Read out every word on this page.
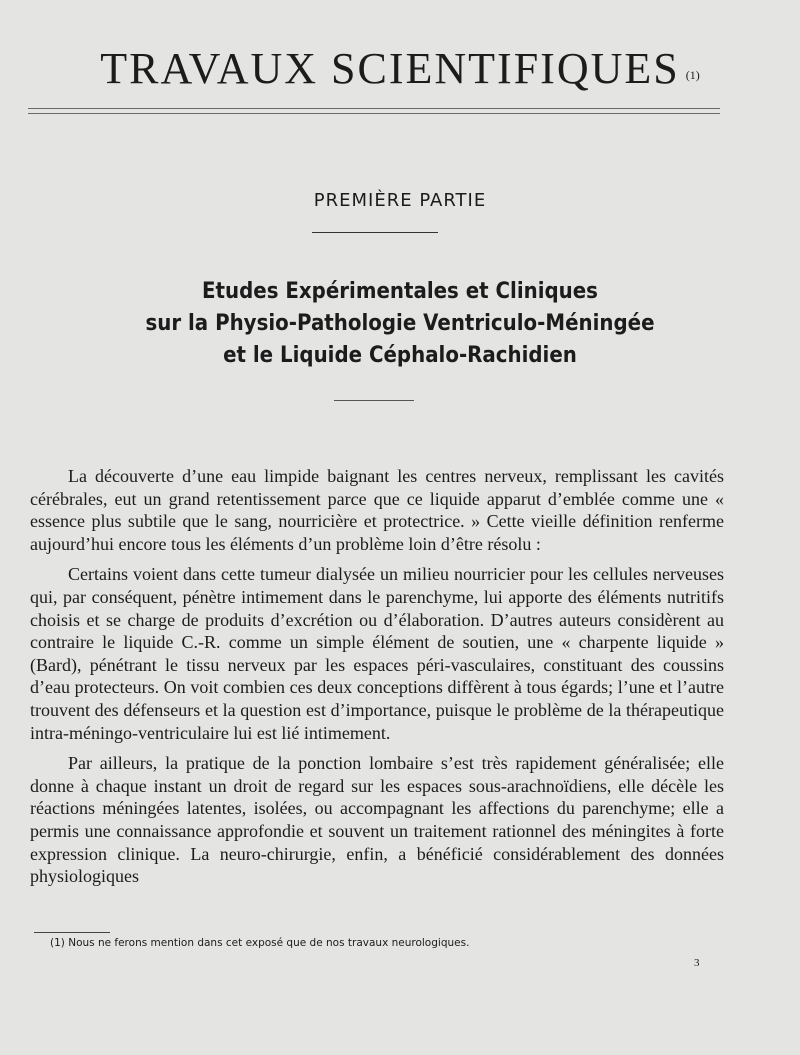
TRAVAUX SCIENTIFIQUES $^{(1)}$
PREMIÈRE PARTIE
Etudes Expérimentales et Cliniques
sur la Physio-Pathologie Ventriculo-Méningée
et le Liquide Céphalo-Rachidien

La découverte d’une eau limpide baignant les centres nerveux, remplissant les cavités cérébrales, eut un grand retentissement parce que ce liquide apparut d’emblée comme une « essence plus subtile que le sang, nourricière et protectrice. » Cette vieille définition renferme aujourd’hui encore tous les éléments d’un problème loin d’être résolu :

Certains voient dans cette tumeur dialysée un milieu nourricier pour les cellules nerveuses qui, par conséquent, pénètre intimement dans le parenchyme, lui apporte des éléments nutritifs choisis et se charge de produits d’excrétion ou d’élaboration. D’autres auteurs considèrent au contraire le liquide C.-R. comme un simple élément de soutien, une « charpente liquide » (Bard), pénétrant le tissu nerveux par les espaces péri-vasculaires, constituant des coussins d’eau protecteurs. On voit combien ces deux conceptions diffèrent à tous égards; l’une et l’autre trouvent des défenseurs et la question est d’importance, puisque le problème de la thérapeutique intra-méningo-ventriculaire lui est lié intimement.

Par ailleurs, la pratique de la ponction lombaire s’est très rapidement généralisée; elle donne à chaque instant un droit de regard sur les espaces sous-arachnoïdiens, elle décèle les réactions méningées latentes, isolées, ou accompagnant les affections du parenchyme; elle a permis une connaissance approfondie et souvent un traitement rationnel des méningites à forte expression clinique. La neuro-chirurgie, enfin, a bénéficié considérablement des données physiologiques

(1) Nous ne ferons mention dans cet exposé que de nos travaux neurologiques.
3
